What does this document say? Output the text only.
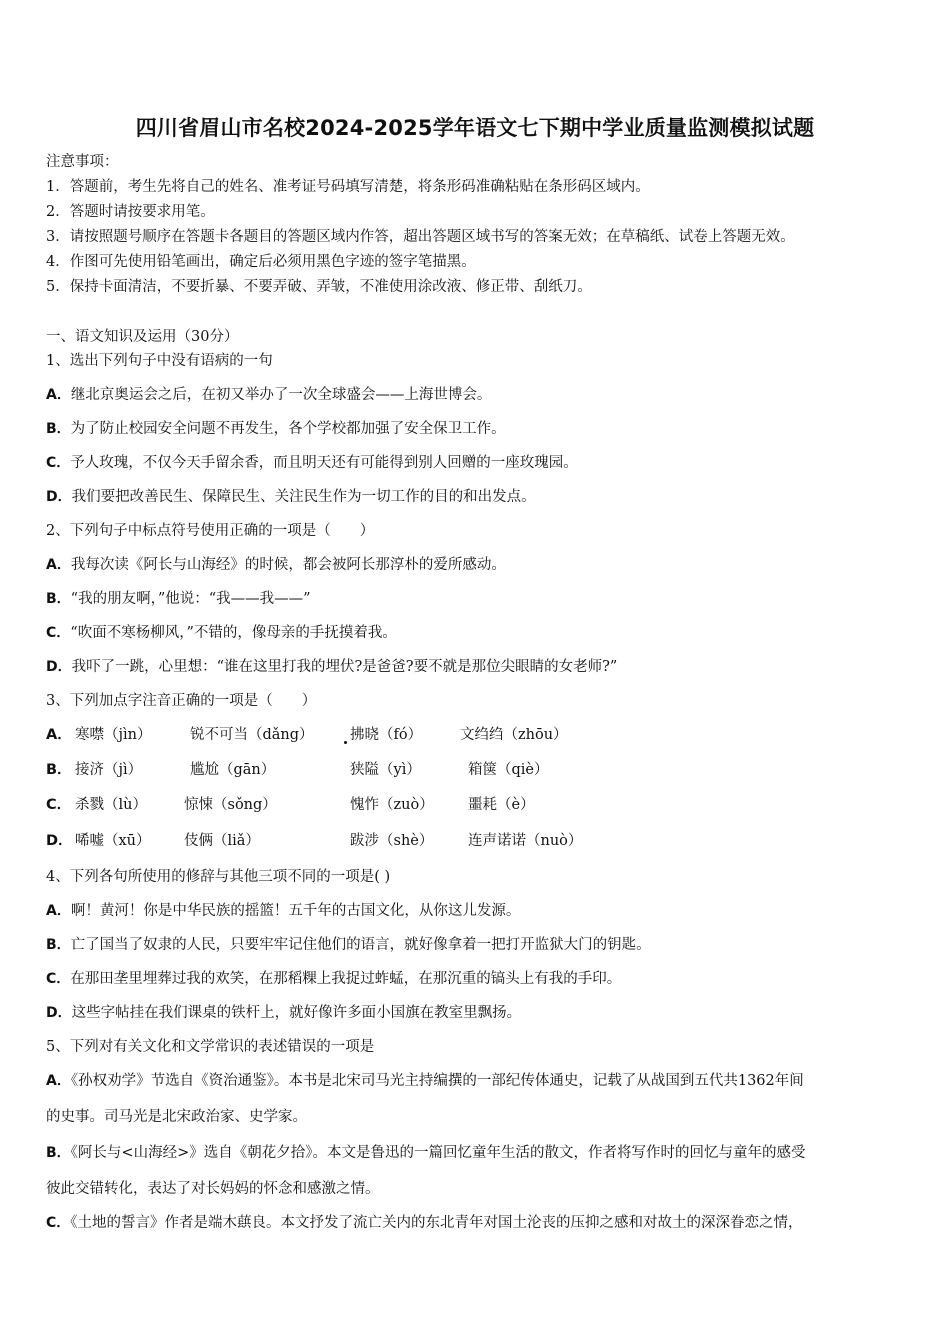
四川省眉山市名校2024-2025学年语文七下期中学业质量监测模拟试题
注意事项：
1．答题前，考生先将自己的姓名、准考证号码填写清楚，将条形码准确粘贴在条形码区域内。
2．答题时请按要求用笔。
3．请按照题号顺序在答题卡各题目的答题区域内作答，超出答题区域书写的答案无效；在草稿纸、试卷上答题无效。
4．作图可先使用铅笔画出，确定后必须用黑色字迹的签字笔描黑。
5．保持卡面清洁，不要折暴、不要弄破、弄皱，不准使用涂改液、修正带、刮纸刀。
一、语文知识及运用（30分）
1、选出下列句子中没有语病的一句
A．继北京奥运会之后，在初又举办了一次全球盛会——上海世博会。
B．为了防止校园安全问题不再发生，各个学校都加强了安全保卫工作。
C．予人玫瑰，不仅今天手留余香，而且明天还有可能得到别人回赠的一座玫瑰园。
D．我们要把改善民生、保障民生、关注民生作为一切工作的目的和出发点。
2、下列句子中标点符号使用正确的一项是（　　）
A．我每次读《阿长与山海经》的时候，都会被阿长那淳朴的爱所感动。
B．“我的朋友啊，”他说：“我——我——”
C．“吹面不寒杨柳风，”不错的，像母亲的手抚摸着我。
D．我吓了一跳，心里想：“谁在这里打我的埋伏?是爸爸?要不就是那位尖眼睛的女老师?”
3、下列加点字注音正确的一项是（　　）
A． 寒噤（jìn）	锐不可当（dǎng）	拂晓（fó）	文绉绉（zhōu）
B． 接济（jì）	尴尬（gān）	狭隘（yì）	箱箧（qiè）
C． 杀戮（lù）	惊悚（sǒng）	愧怍（zuò） 噩耗（è）
D． 唏嘘（xū） 伎俩（liǎ）	跋涉（shè） 连声诺诺（nuò）
4、下列各句所使用的修辞与其他三项不同的一项是( )
A．啊！黄河！你是中华民族的摇篮！五千年的古国文化，从你这儿发源。
B．亡了国当了奴隶的人民，只要牢牢记住他们的语言，就好像拿着一把打开监狱大门的钥匙。
C．在那田垄里埋葬过我的欢笑，在那稻粿上我捉过蚱蜢，在那沉重的镐头上有我的手印。
D．这些字帖挂在我们课桌的铁杆上，就好像许多面小国旗在教室里飘扬。
5、下列对有关文化和文学常识的表述错误的一项是
A．《孙权劝学》节选自《资治通鉴》。本书是北宋司马光主持编撰的一部纪传体通史，记载了从战国到五代共1362年间
的史事。司马光是北宋政治家、史学家。
B．《阿长与<山海经>》选自《朝花夕拾》。本文是鲁迅的一篇回忆童年生活的散文，作者将写作时的回忆与童年的感受
彼此交错转化，表达了对长妈妈的怀念和感激之情。
C．《土地的誓言》作者是端木蕻良。本文抒发了流亡关内的东北青年对国土沦丧的压抑之感和对故土的深深眷恋之情，
